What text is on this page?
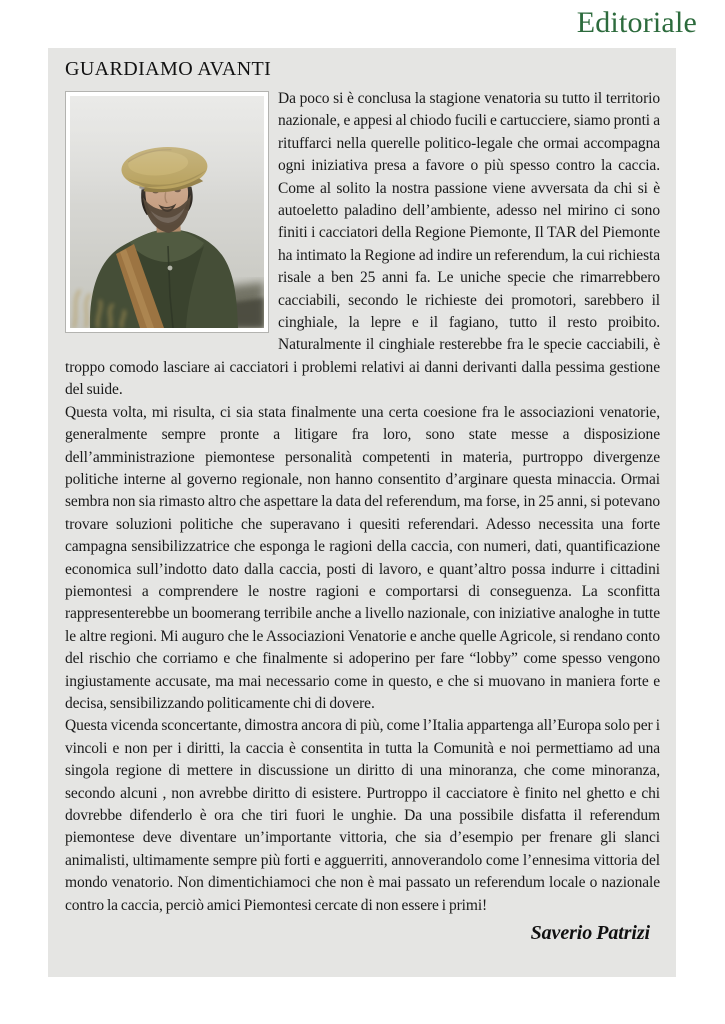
Editoriale
GUARDIAMO AVANTI

Da poco si è conclusa la stagione venatoria su tutto il territorio nazionale, e appesi al chiodo fucili e cartucciere, siamo pronti a rituffarci nella querelle politico-legale che ormai accompagna ogni iniziativa presa a favore o più spesso contro la caccia. Come al solito la nostra passione viene avversata da chi si è autoeletto paladino dell’ambiente, adesso nel mirino ci sono finiti i cacciatori della Regione Piemonte, Il TAR del Piemonte ha intimato la Regione ad indire un referendum, la cui richiesta risale a ben 25 anni fa. Le uniche specie che rimarrebbero cacciabili, secondo le richieste dei promotori, sarebbero il cinghiale, la lepre e il fagiano, tutto il resto proibito. Naturalmente il cinghiale resterebbe fra le specie cacciabili, è troppo comodo lasciare ai cacciatori i problemi relativi ai danni derivanti dalla pessima gestione del suide.

Questa volta, mi risulta, ci sia stata finalmente una certa coesione fra le associazioni venatorie, generalmente sempre pronte a litigare fra loro, sono state messe a disposizione dell’amministrazione piemontese personalità competenti in materia, purtroppo divergenze politiche interne al governo regionale, non hanno consentito d’arginare questa minaccia. Ormai sembra non sia rimasto altro che aspettare la data del referendum, ma forse, in 25 anni, si potevano trovare soluzioni politiche che superavano i quesiti referendari. Adesso necessita una forte campagna sensibilizzatrice che esponga le ragioni della caccia, con numeri, dati, quantificazione economica sull’indotto dato dalla caccia, posti di lavoro, e quant’altro possa indurre i cittadini piemontesi a comprendere le nostre ragioni e comportarsi di conseguenza. La sconfitta rappresenterebbe un boomerang terribile anche a livello nazionale, con iniziative analoghe in tutte le altre regioni. Mi auguro che le Associazioni Venatorie e anche quelle Agricole, si rendano conto del rischio che corriamo e che finalmente si adoperino per fare “lobby” come spesso vengono ingiustamente accusate, ma mai necessario come in questo, e che si muovano in maniera forte e decisa, sensibilizzando politicamente chi di dovere.

Questa vicenda sconcertante, dimostra ancora di più, come l’Italia appartenga all’Europa solo per i vincoli e non per i diritti, la caccia è consentita in tutta la Comunità e noi permettiamo ad una singola regione di mettere in discussione un diritto di una minoranza, che come minoranza, secondo alcuni , non avrebbe diritto di esistere. Purtroppo il cacciatore è finito nel ghetto e chi dovrebbe difenderlo è ora che tiri fuori le unghie. Da una possibile disfatta il referendum piemontese deve diventare un’importante vittoria, che sia d’esempio per frenare gli slanci animalisti, ultimamente sempre più forti e agguerriti, annoverandolo come l’ennesima vittoria del mondo venatorio. Non dimentichiamoci che non è mai passato un referendum locale o nazionale contro la caccia, perciò amici Piemontesi cercate di non essere i primi!

Saverio Patrizi
